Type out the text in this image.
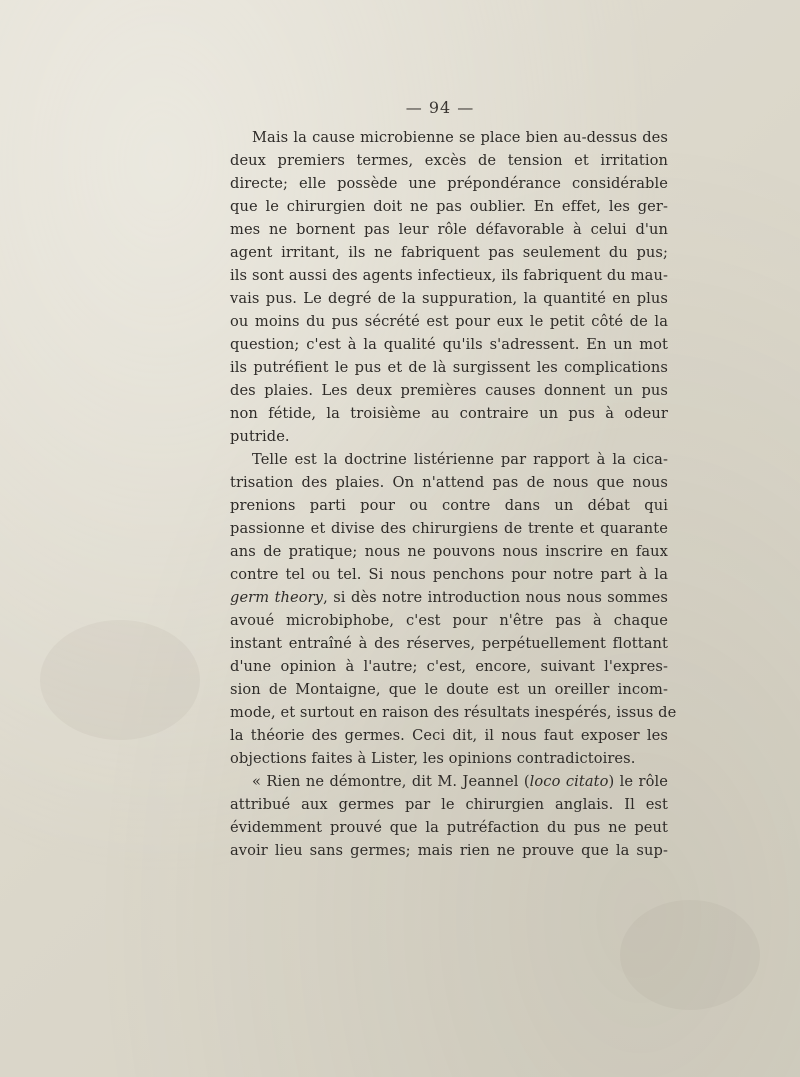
— 94 —
Mais la cause microbienne se place bien au-dessus des
deux premiers termes, excès de tension et irritation
directe; elle possède une prépondérance considérable
que le chirurgien doit ne pas oublier. En effet, les ger-
mes ne bornent pas leur rôle défavorable à celui d'un
agent irritant, ils ne fabriquent pas seulement du pus;
ils sont aussi des agents infectieux, ils fabriquent du mau-
vais pus. Le degré de la suppuration, la quantité en plus
ou moins du pus sécrété est pour eux le petit côté de la
question; c'est à la qualité qu'ils s'adressent. En un mot
ils putréfient le pus et de là surgissent les complications
des plaies. Les deux premières causes donnent un pus
non fétide, la troisième au contraire un pus à odeur
putride.
Telle est la doctrine listérienne par rapport à la cica-
trisation des plaies. On n'attend pas de nous que nous
prenions parti pour ou contre dans un débat qui
passionne et divise des chirurgiens de trente et quarante
ans de pratique; nous ne pouvons nous inscrire en faux
contre tel ou tel. Si nous penchons pour notre part à la
germ theory, si dès notre introduction nous nous sommes
avoué microbiphobe, c'est pour n'être pas à chaque
instant entraîné à des réserves, perpétuellement flottant
d'une opinion à l'autre; c'est, encore, suivant l'expres-
sion de Montaigne, que le doute est un oreiller incom-
mode, et surtout en raison des résultats inespérés, issus de
la théorie des germes. Ceci dit, il nous faut exposer les
objections faites à Lister, les opinions contradictoires.
« Rien ne démontre, dit M. Jeannel (loco citato) le rôle
attribué aux germes par le chirurgien anglais. Il est
évidemment prouvé que la putréfaction du pus ne peut
avoir lieu sans germes; mais rien ne prouve que la sup-
